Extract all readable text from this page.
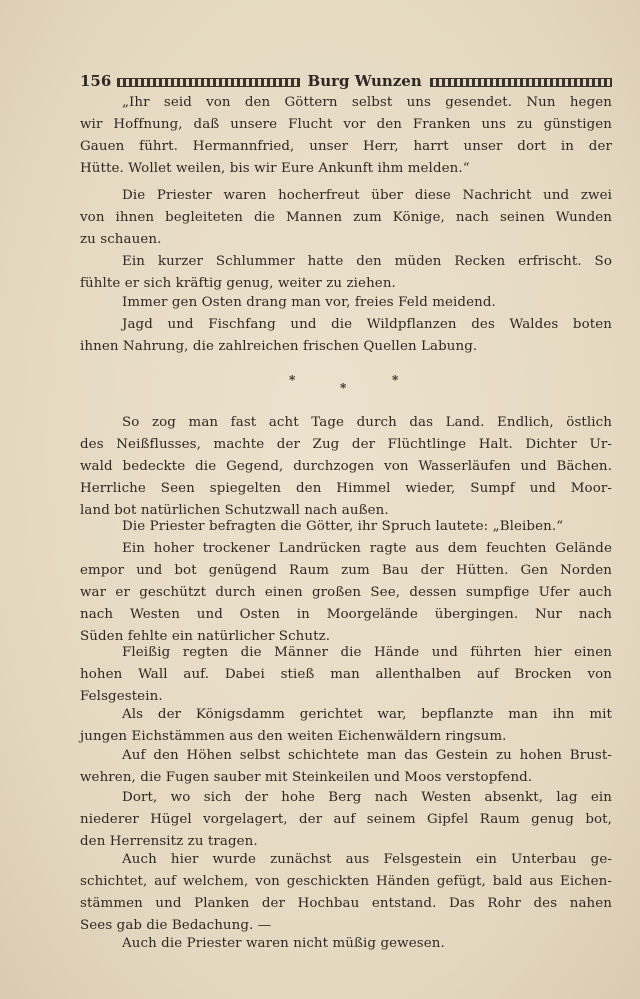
156	Burg Wunzen
„Ihr seid von den Göttern selbst uns gesendet. Nun hegen
wir Hoffnung, daß unsere Flucht vor den Franken uns zu günstigen
Gauen führt. Hermannfried, unser Herr, harrt unser dort in der
Hütte. Wollet weilen, bis wir Eure Ankunft ihm melden.“
Die Priester waren hocherfreut über diese Nachricht und zwei
von ihnen begleiteten die Mannen zum Könige, nach seinen Wunden
zu schauen.
Ein kurzer Schlummer hatte den müden Recken erfrischt. So
fühlte er sich kräftig genug, weiter zu ziehen.
Immer gen Osten drang man vor, freies Feld meidend.
Jagd und Fischfang und die Wildpflanzen des Waldes boten
ihnen Nahrung, die zahlreichen frischen Quellen Labung.
*
*
*
So zog man fast acht Tage durch das Land. Endlich, östlich
des Neißflusses, machte der Zug der Flüchtlinge Halt. Dichter Ur-
wald bedeckte die Gegend, durchzogen von Wasserläufen und Bächen.
Herrliche Seen spiegelten den Himmel wieder, Sumpf und Moor-
land bot natürlichen Schutzwall nach außen.
Die Priester befragten die Götter, ihr Spruch lautete: „Bleiben.“
Ein hoher trockener Landrücken ragte aus dem feuchten Gelände
empor und bot genügend Raum zum Bau der Hütten. Gen Norden
war er geschützt durch einen großen See, dessen sumpfige Ufer auch
nach Westen und Osten in Moorgelände übergingen. Nur nach
Süden fehlte ein natürlicher Schutz.
Fleißig regten die Männer die Hände und führten hier einen
hohen Wall auf. Dabei stieß man allenthalben auf Brocken von
Felsgestein.
Als der Königsdamm gerichtet war, bepflanzte man ihn mit
jungen Eichstämmen aus den weiten Eichenwäldern ringsum.
Auf den Höhen selbst schichtete man das Gestein zu hohen Brust-
wehren, die Fugen sauber mit Steinkeilen und Moos verstopfend.
Dort, wo sich der hohe Berg nach Westen absenkt, lag ein
niederer Hügel vorgelagert, der auf seinem Gipfel Raum genug bot,
den Herrensitz zu tragen.
Auch hier wurde zunächst aus Felsgestein ein Unterbau ge-
schichtet, auf welchem, von geschickten Händen gefügt, bald aus Eichen-
stämmen und Planken der Hochbau entstand. Das Rohr des nahen
Sees gab die Bedachung. —
Auch die Priester waren nicht müßig gewesen.
